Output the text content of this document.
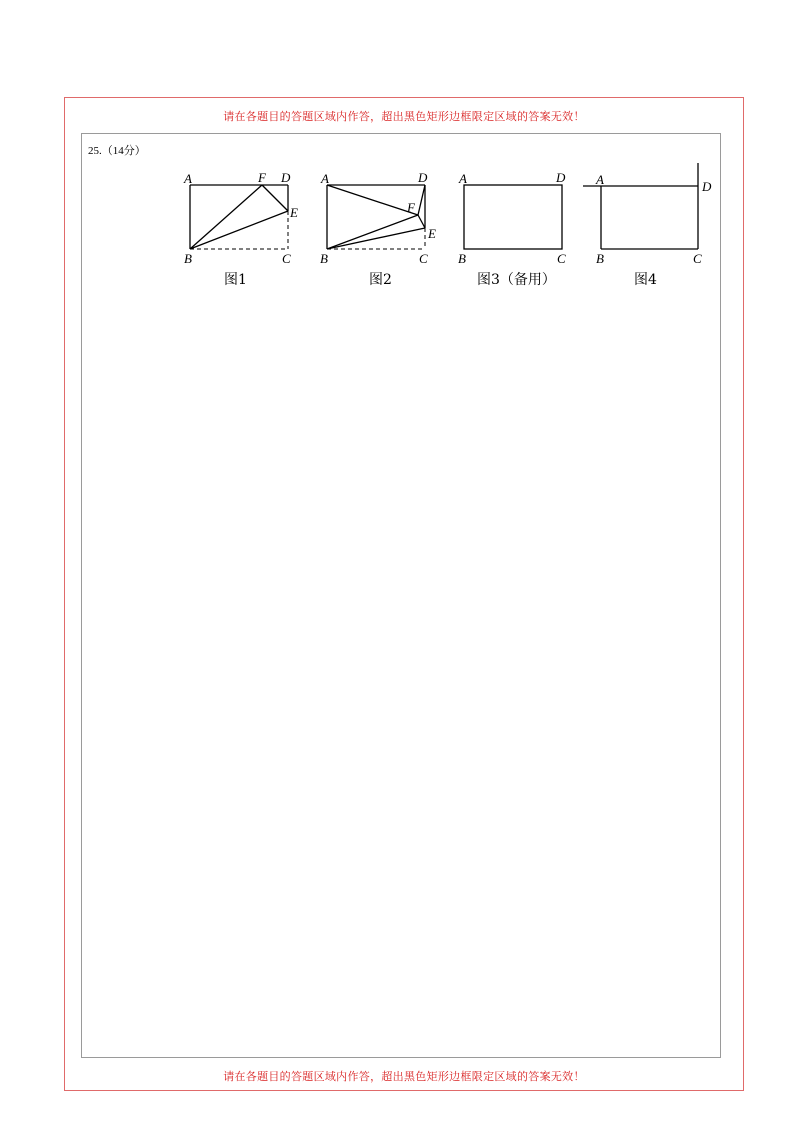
请在各题目的答题区域内作答，超出黑色矩形边框限定区域的答案无效！
25.（14分）
A	F D
E
B	C
图1
A	D
F
E
B	C
图2
A	D
B	C
图3（备用）
A	D
B	C
图4
请在各题目的答题区域内作答，超出黑色矩形边框限定区域的答案无效！
